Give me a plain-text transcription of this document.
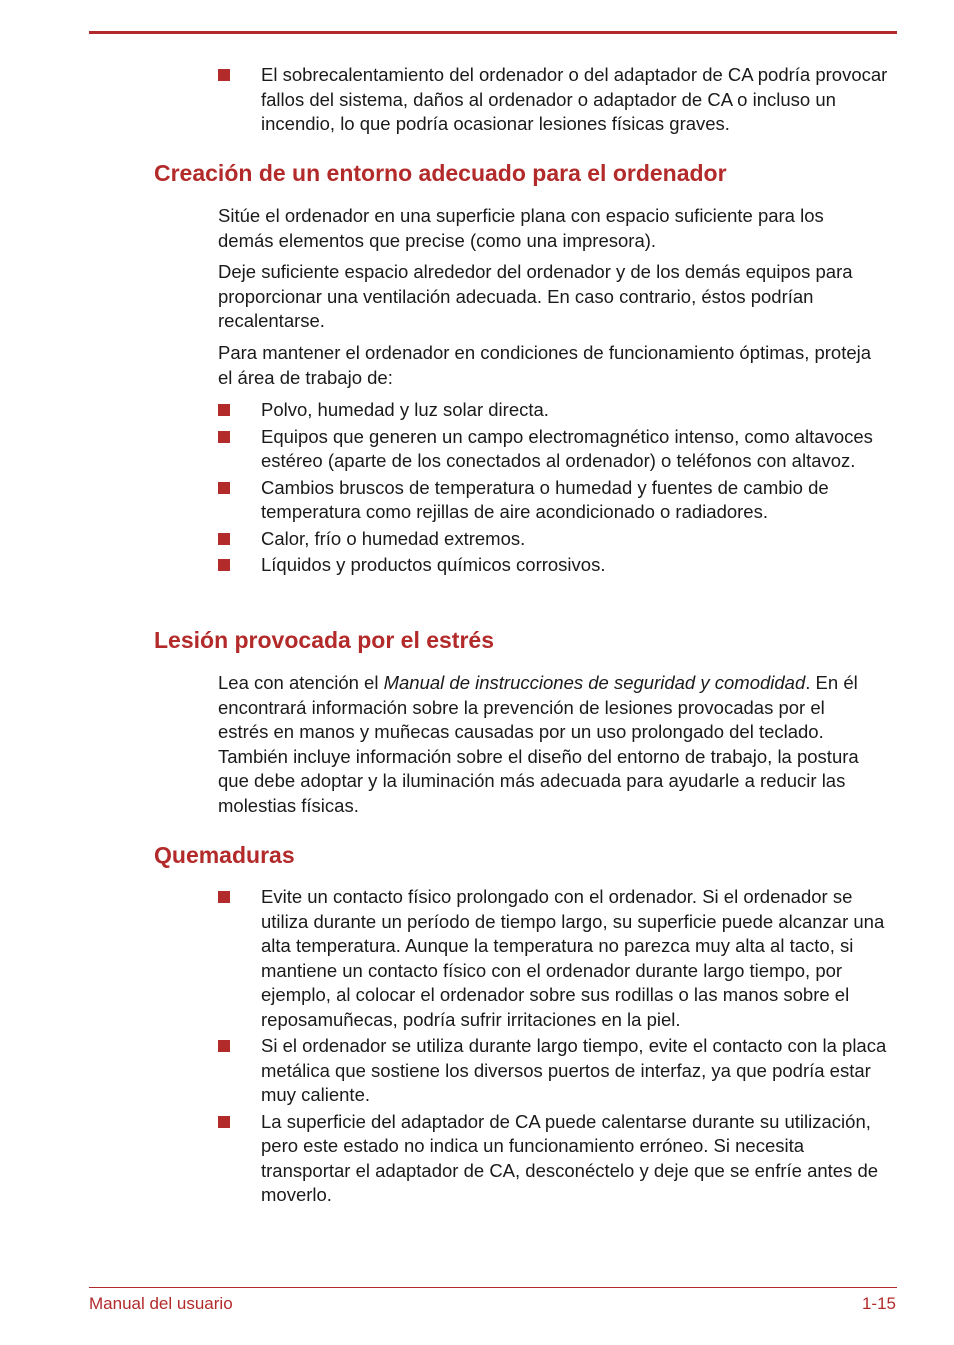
El sobrecalentamiento del ordenador o del adaptador de CA podría provocar fallos del sistema, daños al ordenador o adaptador de CA o incluso un incendio, lo que podría ocasionar lesiones físicas graves.
Creación de un entorno adecuado para el ordenador

Sitúe el ordenador en una superficie plana con espacio suficiente para los demás elementos que precise (como una impresora).

Deje suficiente espacio alrededor del ordenador y de los demás equipos para proporcionar una ventilación adecuada. En caso contrario, éstos podrían recalentarse.

Para mantener el ordenador en condiciones de funcionamiento óptimas, proteja el área de trabajo de:

Polvo, humedad y luz solar directa.
Equipos que generen un campo electromagnético intenso, como altavoces estéreo (aparte de los conectados al ordenador) o teléfonos con altavoz.
Cambios bruscos de temperatura o humedad y fuentes de cambio de temperatura como rejillas de aire acondicionado o radiadores.
Calor, frío o humedad extremos.
Líquidos y productos químicos corrosivos.
Lesión provocada por el estrés

Lea con atención el Manual de instrucciones de seguridad y comodidad. En él encontrará información sobre la prevención de lesiones provocadas por el estrés en manos y muñecas causadas por un uso prolongado del teclado. También incluye información sobre el diseño del entorno de trabajo, la postura que debe adoptar y la iluminación más adecuada para ayudarle a reducir las molestias físicas.

Quemaduras
Evite un contacto físico prolongado con el ordenador. Si el ordenador se utiliza durante un período de tiempo largo, su superficie puede alcanzar una alta temperatura. Aunque la temperatura no parezca muy alta al tacto, si mantiene un contacto físico con el ordenador durante largo tiempo, por ejemplo, al colocar el ordenador sobre sus rodillas o las manos sobre el reposamuñecas, podría sufrir irritaciones en la piel.
Si el ordenador se utiliza durante largo tiempo, evite el contacto con la placa metálica que sostiene los diversos puertos de interfaz, ya que podría estar muy caliente.
La superficie del adaptador de CA puede calentarse durante su utilización, pero este estado no indica un funcionamiento erróneo. Si necesita transportar el adaptador de CA, desconéctelo y deje que se enfríe antes de moverlo.
Manual del usuario	1-15
